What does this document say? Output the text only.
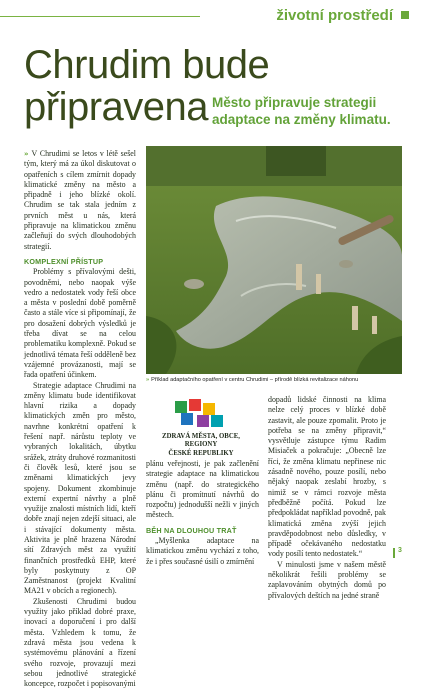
životní prostředí
Chrudim bude
připravena Město připravuje strategii adaptace na změny klimatu.

» V Chrudimi se letos v létě sešel tým, který má za úkol diskutovat o opatřeních s cílem zmírnit dopady klimatické změny na město a připadně i jeho blízké okolí. Chrudim se tak stala jedním z prvních měst u nás, která připravuje na klimatickou změnu začleňují do svých dlouhodobých strategií.

KOMPLEXNÍ PŘÍSTUP

Problémy s přívalovými dešti, povodněmi, nebo naopak výše vedro a nedostatek vody řeší obce a města v poslední době poměrně často a stále více si připomínají, že pro dosažení dobrých výsledků je třeba dívat se na celou problematiku komplexně. Pokud se jednotlivá témata řeší odděleně bez vzájemné provázanosti, mají se řada opatření účinkem.

Strategie adaptace Chrudimi na změny klimatu bude identifikovat hlavní rizika a dopady klimatických změn pro město, navrhne konkrétní opatření k řešení např. nárůstu teploty ve vybraných lokalitách, úbytku srážek, ztráty druhové rozmanitosti či člověk lesů, které jsou se změnami klimatických jevy spojeny. Dokument zkombinuje externí expertní návrhy a plně využije znalosti místních lidí, kteří dobře znají nejen zdejší situaci, ale i stávající dokumenty města. Aktivita je plně hrazena Národní sítí Zdravých měst za využití finančních prostředků EHP, které byly poskytnuty z OP Zaměstnanost (projekt Kvalitní MA21 v obcích a regionech).

Zkušenosti Chrudimi budou využity jako příklad dobré praxe, inovací a doporučení i pro další města. Vzhledem k tomu, že zdravá města jsou vedena k systémovému plánování a řízení svého rozvoje, provazují mezi sebou jednotlivé strategické koncepce, rozpočet i popisovanými

» Příklad adaptačního opatření v centru Chrudimi – přírodě blízká revitalizace náhonu
ZDRAVÁ MĚSTA, OBCE, REGIONY
ČESKÉ REPUBLIKY

plánu veřejnosti, je pak začlenění strategie adaptace na klimatickou změnu (např. do strategického plánu či promítnutí návrhů do rozpočtu) jednodušší nežli v jiných městech.

BĚH NA DLOUHOU TRAŤ

„Myšlenka adaptace na klimatickou změnu vychází z toho, že i přes současné úsilí o zmírnění

dopadů lidské činnosti na klima nelze celý proces v blízké době zastavit, ale pouze zpomalit. Proto je potřeba se na změny připravit,“ vysvětluje zástupce týmu Radim Misiaček a pokračuje: „Obecně lze říci, že změna klimatu nepřinese nic zásadně nového, pouze posílí, nebo nějaký naopak zeslabí hrozby, s nimiž se v rámci rozvoje města předběžně počítá. Pokud lze předpokládat například povodně, pak klimatická změna zvýší jejich pravděpodobnost nebo důsledky, v případě očekávaného nedostatku vody posílí tento nedostatek.“

V minulosti jsme v našem městě několikrát řešili problémy se zaplavováním obytných domů po přívalových deštích na jedné straně

3
